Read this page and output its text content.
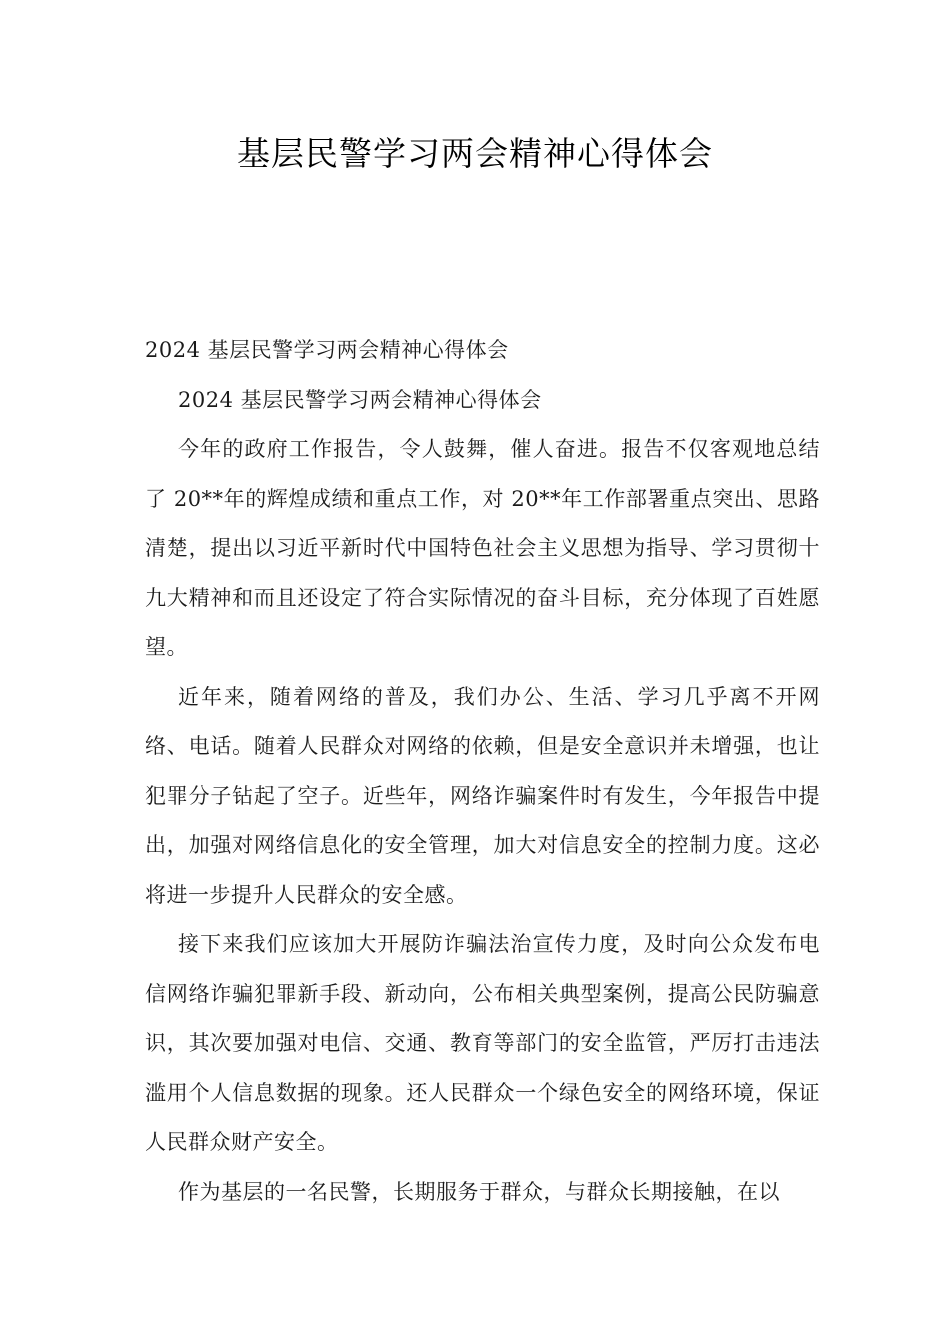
基层民警学习两会精神心得体会

2024 基层民警学习两会精神心得体会

2024 基层民警学习两会精神心得体会

今年的政府工作报告，令人鼓舞，催人奋进。报告不仅客观地总结了 20**年的辉煌成绩和重点工作，对 20**年工作部署重点突出、思路清楚，提出以习近平新时代中国特色社会主义思想为指导、学习贯彻十九大精神和而且还设定了符合实际情况的奋斗目标，充分体现了百姓愿望。

近年来，随着网络的普及，我们办公、生活、学习几乎离不开网络、电话。随着人民群众对网络的依赖，但是安全意识并未增强，也让犯罪分子钻起了空子。近些年，网络诈骗案件时有发生，今年报告中提出，加强对网络信息化的安全管理，加大对信息安全的控制力度。这必将进一步提升人民群众的安全感。

接下来我们应该加大开展防诈骗法治宣传力度，及时向公众发布电信网络诈骗犯罪新手段、新动向，公布相关典型案例，提高公民防骗意识，其次要加强对电信、交通、教育等部门的安全监管，严厉打击违法滥用个人信息数据的现象。还人民群众一个绿色安全的网络环境，保证人民群众财产安全。

作为基层的一名民警，长期服务于群众，与群众长期接触，在以
